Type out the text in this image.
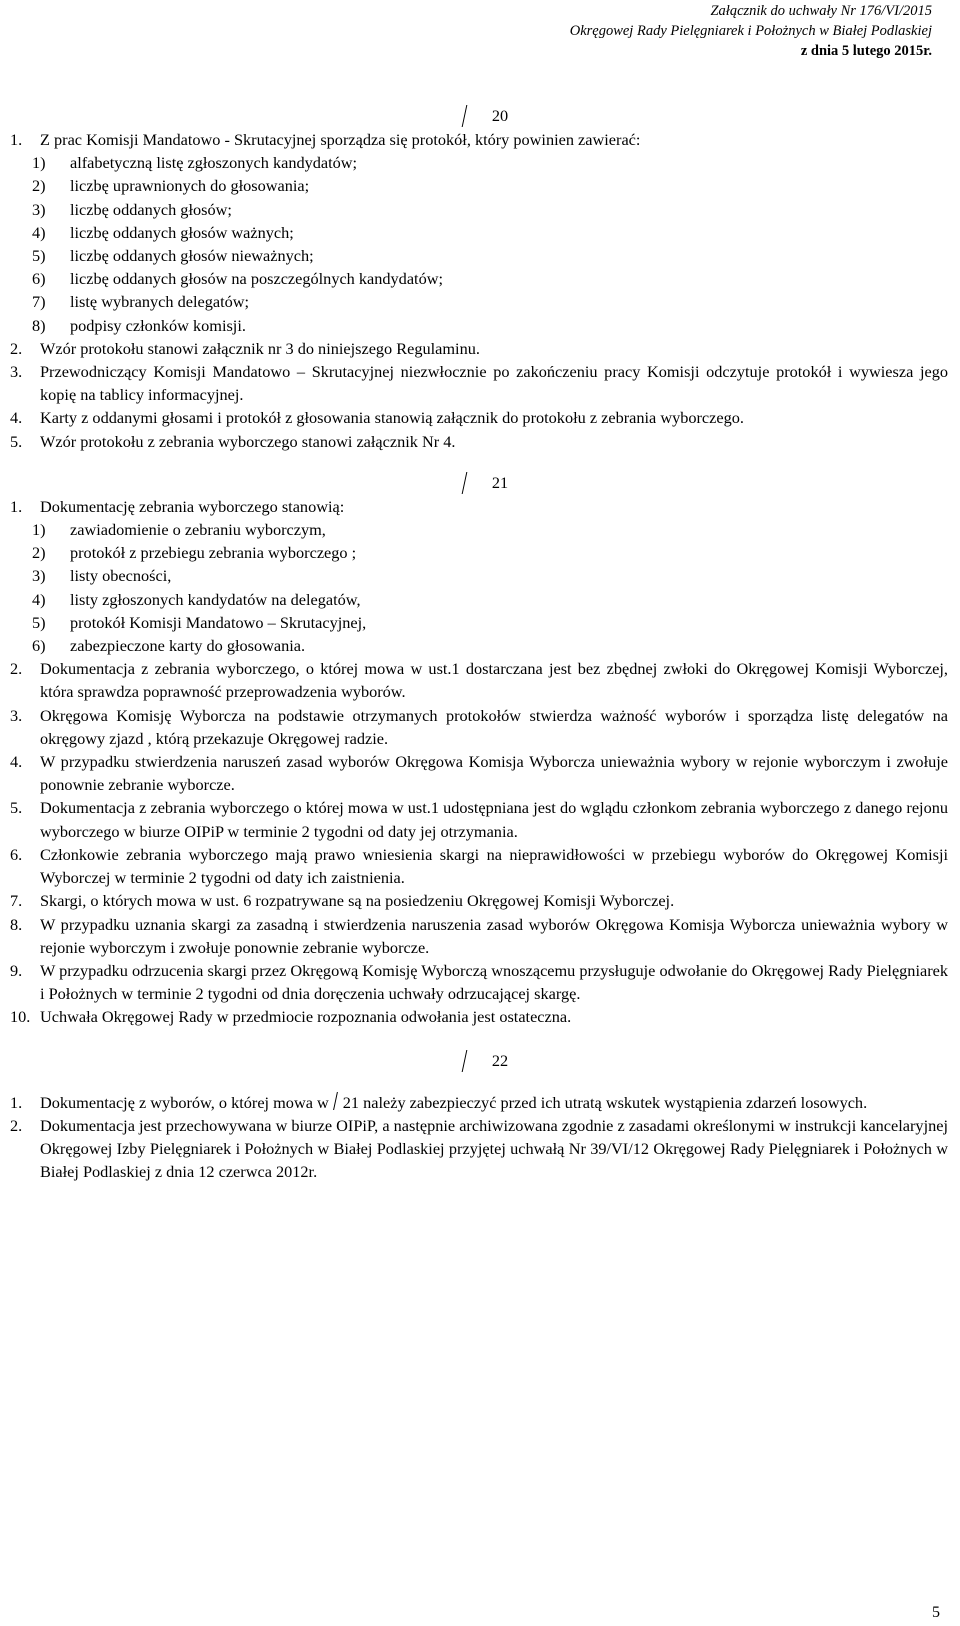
Załącznik do uchwały Nr 176/VI/2015
Okręgowej Rady Pielęgniarek i Położnych w Białej Podlaskiej
z dnia 5 lutego 2015r.
20
1.	Z prac Komisji Mandatowo - Skrutacyjnej sporządza się protokół, który powinien zawierać:
1) alfabetyczną listę zgłoszonych kandydatów;
2) liczbę uprawnionych do głosowania;
3) liczbę oddanych głosów;
4) liczbę oddanych głosów ważnych;
5) liczbę oddanych głosów nieważnych;
6) liczbę oddanych głosów na poszczególnych kandydatów;
7) listę wybranych delegatów;
8) podpisy członków komisji.
2.	Wzór protokołu stanowi załącznik nr 3 do niniejszego Regulaminu.
3.	Przewodniczący Komisji Mandatowo – Skrutacyjnej niezwłocznie po zakończeniu pracy Komisji odczytuje protokół i wywiesza jego kopię na tablicy informacyjnej.
4.	Karty z oddanymi głosami i protokół z głosowania stanowią załącznik do protokołu z zebrania wyborczego.
5.	Wzór protokołu z zebrania wyborczego stanowi załącznik Nr 4.
21
1.	Dokumentację zebrania wyborczego stanowią:
1) zawiadomienie o zebraniu wyborczym,
2) protokół z przebiegu zebrania wyborczego ;
3) listy obecności,
4) listy zgłoszonych kandydatów na delegatów,
5) protokół Komisji Mandatowo – Skrutacyjnej,
6) zabezpieczone karty do głosowania.
2.	Dokumentacja z zebrania wyborczego, o której mowa w ust.1 dostarczana jest bez zbędnej zwłoki do Okręgowej Komisji Wyborczej, która sprawdza poprawność przeprowadzenia wyborów.
3.	Okręgowa Komisję Wyborcza na podstawie otrzymanych protokołów stwierdza ważność wyborów i sporządza listę delegatów na okręgowy zjazd , którą przekazuje Okręgowej radzie.
4.	W przypadku stwierdzenia naruszeń zasad wyborów Okręgowa Komisja Wyborcza unieważnia wybory w rejonie wyborczym i zwołuje ponownie zebranie wyborcze.
5.	Dokumentacja z zebrania wyborczego o której mowa w ust.1 udostępniana jest do wglądu członkom zebrania wyborczego z danego rejonu wyborczego w biurze OIPiP w terminie 2 tygodni od daty jej otrzymania.
6.	Członkowie zebrania wyborczego mają prawo wniesienia skargi na nieprawidłowości w przebiegu wyborów do Okręgowej Komisji Wyborczej w terminie 2 tygodni od daty ich zaistnienia.
7.	Skargi, o których mowa w ust. 6 rozpatrywane są na posiedzeniu Okręgowej Komisji Wyborczej.
8.	W przypadku uznania skargi za zasadną i stwierdzenia naruszenia zasad wyborów Okręgowa Komisja Wyborcza unieważnia wybory w rejonie wyborczym i zwołuje ponownie zebranie wyborcze.
9.	W przypadku odrzucenia skargi przez Okręgową Komisję Wyborczą wnoszącemu przysługuje odwołanie do Okręgowej Rady Pielęgniarek i Położnych w terminie 2 tygodni od dnia doręczenia uchwały odrzucającej skargę.
10. Uchwała Okręgowej Rady w przedmiocie rozpoznania odwołania jest ostateczna.
22
1.	Dokumentację z wyborów, o której mowa w 21 należy zabezpieczyć przed ich utratą wskutek wystąpienia zdarzeń losowych.
2.	Dokumentacja jest przechowywana w biurze OIPiP, a następnie archiwizowana zgodnie z zasadami określonymi w instrukcji kancelaryjnej Okręgowej Izby Pielęgniarek i Położnych w Białej Podlaskiej przyjętej uchwałą Nr 39/VI/12 Okręgowej Rady Pielęgniarek i Położnych w Białej Podlaskiej z dnia 12 czerwca 2012r.
5
